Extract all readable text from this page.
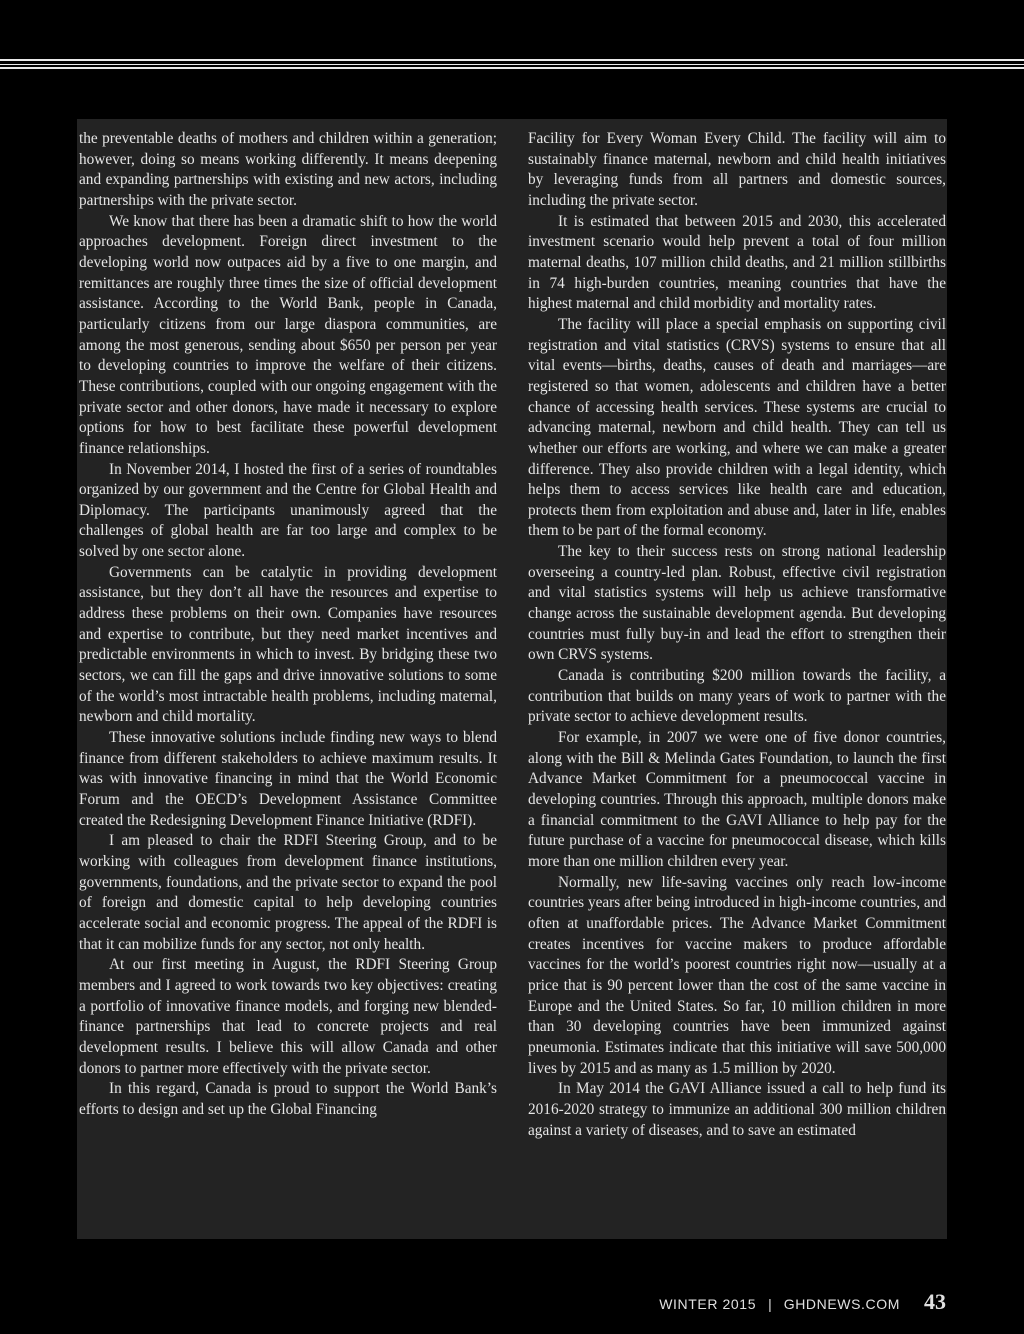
the preventable deaths of mothers and children within a generation; however, doing so means working differently. It means deepening and expanding partnerships with existing and new actors, including partnerships with the private sector.

We know that there has been a dramatic shift to how the world approaches development. Foreign direct investment to the developing world now outpaces aid by a five to one margin, and remittances are roughly three times the size of official development assistance. According to the World Bank, people in Canada, particularly citizens from our large diaspora communities, are among the most generous, sending about $650 per person per year to developing countries to improve the welfare of their citizens. These contributions, coupled with our ongoing engagement with the private sector and other donors, have made it necessary to explore options for how to best facilitate these powerful development finance relationships.

In November 2014, I hosted the first of a series of roundtables organized by our government and the Centre for Global Health and Diplomacy. The participants unanimously agreed that the challenges of global health are far too large and complex to be solved by one sector alone.

Governments can be catalytic in providing development assistance, but they don’t all have the resources and expertise to address these problems on their own. Companies have resources and expertise to contribute, but they need market incentives and predictable environments in which to invest. By bridging these two sectors, we can fill the gaps and drive innovative solutions to some of the world’s most intractable health problems, including maternal, newborn and child mortality.

These innovative solutions include finding new ways to blend finance from different stakeholders to achieve maximum results. It was with innovative financing in mind that the World Economic Forum and the OECD’s Development Assistance Committee created the Redesigning Development Finance Initiative (RDFI).

I am pleased to chair the RDFI Steering Group, and to be working with colleagues from development finance institutions, governments, foundations, and the private sector to expand the pool of foreign and domestic capital to help developing countries accelerate social and economic progress. The appeal of the RDFI is that it can mobilize funds for any sector, not only health.

At our first meeting in August, the RDFI Steering Group members and I agreed to work towards two key objectives: creating a portfolio of innovative finance models, and forging new blended-finance partnerships that lead to concrete projects and real development results. I believe this will allow Canada and other donors to partner more effectively with the private sector.

In this regard, Canada is proud to support the World Bank’s efforts to design and set up the Global Financing

Facility for Every Woman Every Child. The facility will aim to sustainably finance maternal, newborn and child health initiatives by leveraging funds from all partners and domestic sources, including the private sector.

It is estimated that between 2015 and 2030, this accelerated investment scenario would help prevent a total of four million maternal deaths, 107 million child deaths, and 21 million stillbirths in 74 high-burden countries, meaning countries that have the highest maternal and child morbidity and mortality rates.

The facility will place a special emphasis on supporting civil registration and vital statistics (CRVS) systems to ensure that all vital events—births, deaths, causes of death and marriages—are registered so that women, adolescents and children have a better chance of accessing health services. These systems are crucial to advancing maternal, newborn and child health. They can tell us whether our efforts are working, and where we can make a greater difference. They also provide children with a legal identity, which helps them to access services like health care and education, protects them from exploitation and abuse and, later in life, enables them to be part of the formal economy.

The key to their success rests on strong national leadership overseeing a country-led plan. Robust, effective civil registration and vital statistics systems will help us achieve transformative change across the sustainable development agenda. But developing countries must fully buy-in and lead the effort to strengthen their own CRVS systems.

Canada is contributing $200 million towards the facility, a contribution that builds on many years of work to partner with the private sector to achieve development results.

For example, in 2007 we were one of five donor countries, along with the Bill & Melinda Gates Foundation, to launch the first Advance Market Commitment for a pneumococcal vaccine in developing countries. Through this approach, multiple donors make a financial commitment to the GAVI Alliance to help pay for the future purchase of a vaccine for pneumococcal disease, which kills more than one million children every year.

Normally, new life-saving vaccines only reach low-income countries years after being introduced in high-income countries, and often at unaffordable prices. The Advance Market Commitment creates incentives for vaccine makers to produce affordable vaccines for the world’s poorest countries right now—usually at a price that is 90 percent lower than the cost of the same vaccine in Europe and the United States. So far, 10 million children in more than 30 developing countries have been immunized against pneumonia. Estimates indicate that this initiative will save 500,000 lives by 2015 and as many as 1.5 million by 2020.

In May 2014 the GAVI Alliance issued a call to help fund its 2016-2020 strategy to immunize an additional 300 million children against a variety of diseases, and to save an estimated

WINTER 2015 | GHDNEWS.COM 43
